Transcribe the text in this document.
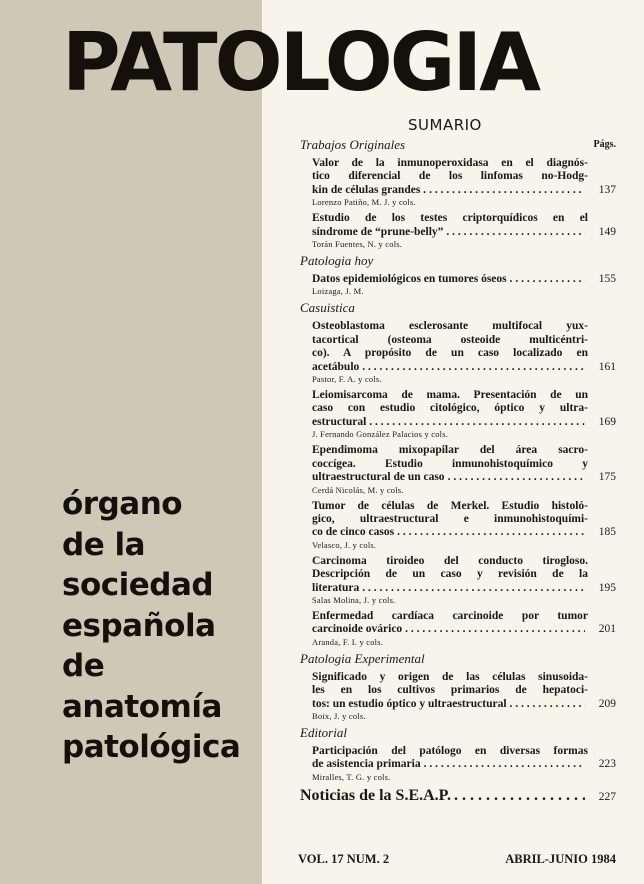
PATOLOGIA
órgano
de la
sociedad
española
de
anatomía
patológica
SUMARIO
Trabajos Originales	Págs.
Valor de la inmunoperoxidasa en el diagnós-
tico diferencial de los linfomas no-Hodg-
kin de células grandes . . . .	137
Lorenzo Patiño, M. J. y cols.
Estudio de los testes criptorquídicos en el
síndrome de “prune-belly” . . .	149
Torán Fuentes, N. y cols.
Patologia hoy
Datos epidemiológicos en tumores óseos . . . .	155
Loizaga, J. M.
Casuistica
Osteoblastoma esclerosante multifocal yux-
tacortical (osteoma osteoide multicéntri-
co). A propósito de un caso localizado en
acetábulo . . .	161
Pastor, F. A. y cols.
Leiomisarcoma de mama. Presentación de un
caso con estudio citológico, óptico y ultra-
estructural . . .	169
J. Fernando González Palacios y cols.
Ependimoma mixopapilar del área sacro-
coccígea. Estudio inmunohistoquímico y
ultraestructural de un caso . . .	175
Cerdá Nicolás, M. y cols.
Tumor de células de Merkel. Estudio histoló-
gico, ultraestructural e inmunohistoquími-
co de cinco casos . . .	185
Velasco, J. y cols.
Carcinoma tiroideo del conducto tirogloso.
Descripción de un caso y revisión de la
literatura . . .	195
Salas Molina, J. y cols.
Enfermedad cardíaca carcinoide por tumor
carcinoide ovárico . . .	201
Aranda, F. I. y cols.
Patologia Experimental
Significado y origen de las células sinusoida-
les en los cultivos primarios de hepatoci-
tos: un estudio óptico y ultraestructural . . .	209
Boix, J. y cols.
Editorial
Participación del patólogo en diversas formas
de asistencia primaria . . .	223
Miralles, T. G. y cols.
Noticias de la S.E.A.P. . . .	227
VOL. 17 NUM. 2	ABRIL-JUNIO 1984
